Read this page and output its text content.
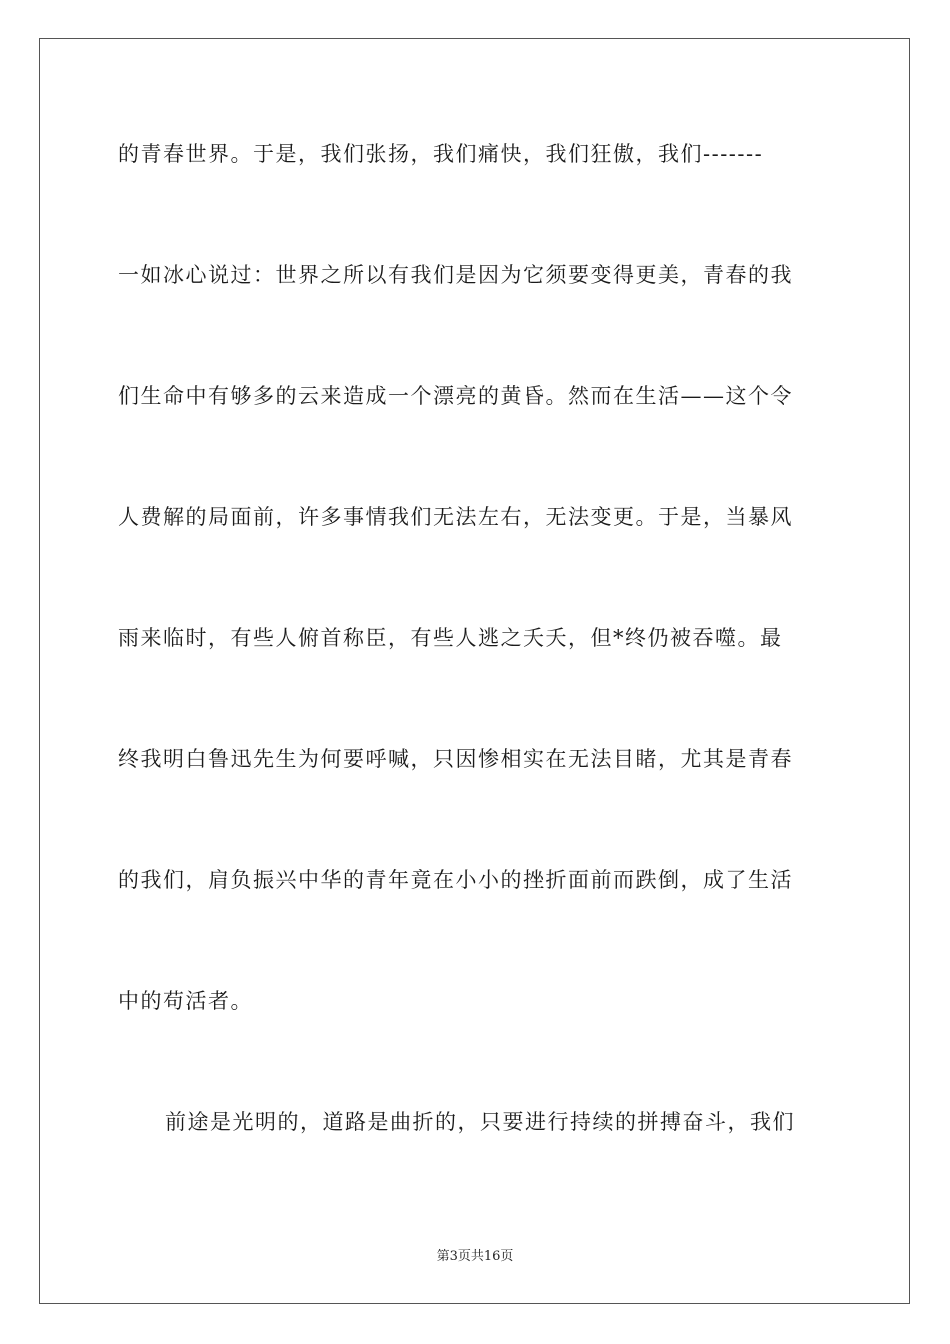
的青春世界。于是，我们张扬，我们痛快，我们狂傲，我们-------
一如冰心说过：世界之所以有我们是因为它须要变得更美，青春的我
们生命中有够多的云来造成一个漂亮的黄昏。然而在生活——这个令
人费解的局面前，许多事情我们无法左右，无法变更。于是，当暴风
雨来临时，有些人俯首称臣，有些人逃之夭夭，但*终仍被吞噬。最
终我明白鲁迅先生为何要呼喊，只因惨相实在无法目睹，尤其是青春
的我们，肩负振兴中华的青年竟在小小的挫折面前而跌倒，成了生活
中的苟活者。
前途是光明的，道路是曲折的，只要进行持续的拼搏奋斗，我们
第3页共16页
